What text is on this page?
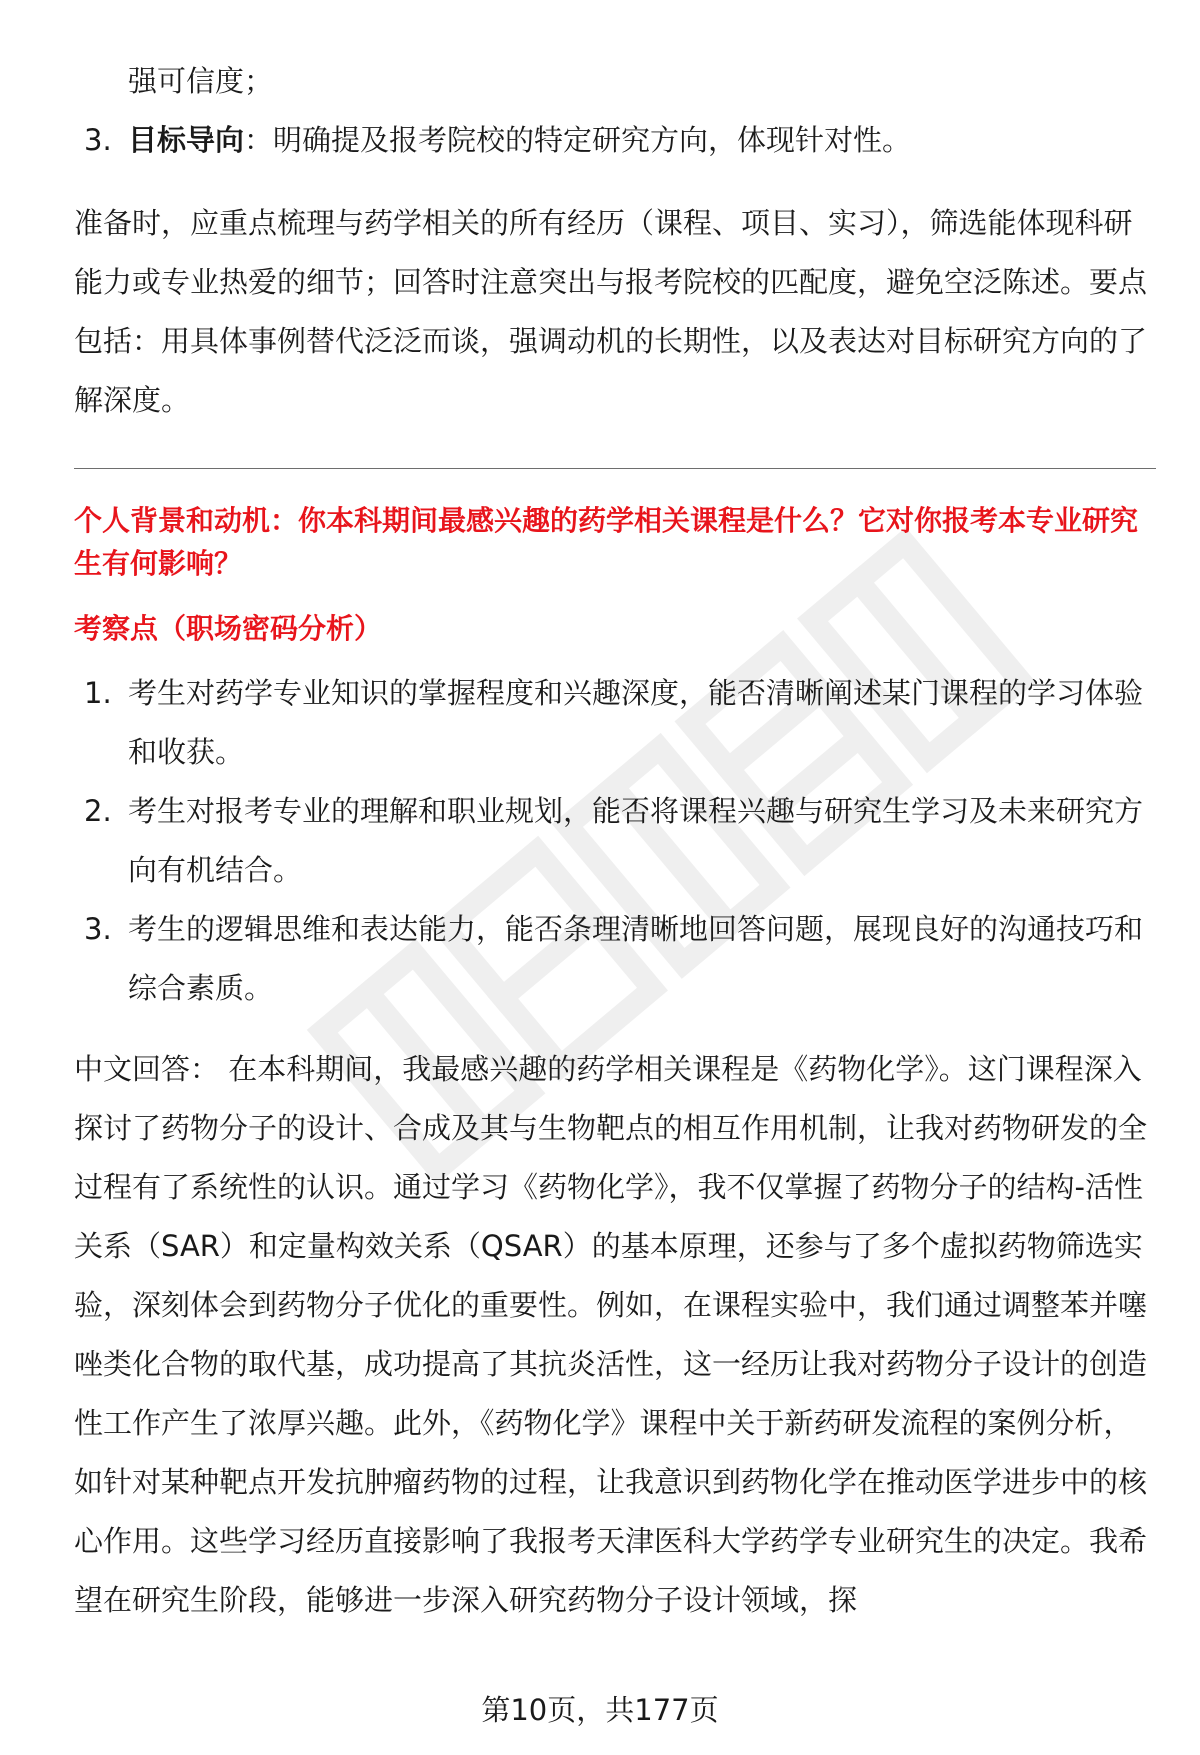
强可信度；
3. 目标导向：明确提及报考院校的特定研究方向，体现针对性。

准备时，应重点梳理与药学相关的所有经历（课程、项目、实习），筛选能体现科研能力或专业热爱的细节；回答时注意突出与报考院校的匹配度，避免空泛陈述。要点包括：用具体事例替代泛泛而谈，强调动机的长期性，以及表达对目标研究方向的了解深度。

个人背景和动机：你本科期间最感兴趣的药学相关课程是什么？它对你报考本专业研究生有何影响？

考察点（职场密码分析）

1. 考生对药学专业知识的掌握程度和兴趣深度，能否清晰阐述某门课程的学习体验和收获。
2. 考生对报考专业的理解和职业规划，能否将课程兴趣与研究生学习及未来研究方向有机结合。
3. 考生的逻辑思维和表达能力，能否条理清晰地回答问题，展现良好的沟通技巧和综合素质。

中文回答： 在本科期间，我最感兴趣的药学相关课程是《药物化学》。这门课程深入探讨了药物分子的设计、合成及其与生物靶点的相互作用机制，让我对药物研发的全过程有了系统性的认识。通过学习《药物化学》，我不仅掌握了药物分子的结构-活性关系（SAR）和定量构效关系（QSAR）的基本原理，还参与了多个虚拟药物筛选实验，深刻体会到药物分子优化的重要性。例如，在课程实验中，我们通过调整苯并噻唑类化合物的取代基，成功提高了其抗炎活性，这一经历让我对药物分子设计的创造性工作产生了浓厚兴趣。此外，《药物化学》课程中关于新药研发流程的案例分析，如针对某种靶点开发抗肿瘤药物的过程，让我意识到药物化学在推动医学进步中的核心作用。这些学习经历直接影响了我报考天津医科大学药学专业研究生的决定。我希望在研究生阶段，能够进一步深入研究药物分子设计领域，探

第10页，共177页
